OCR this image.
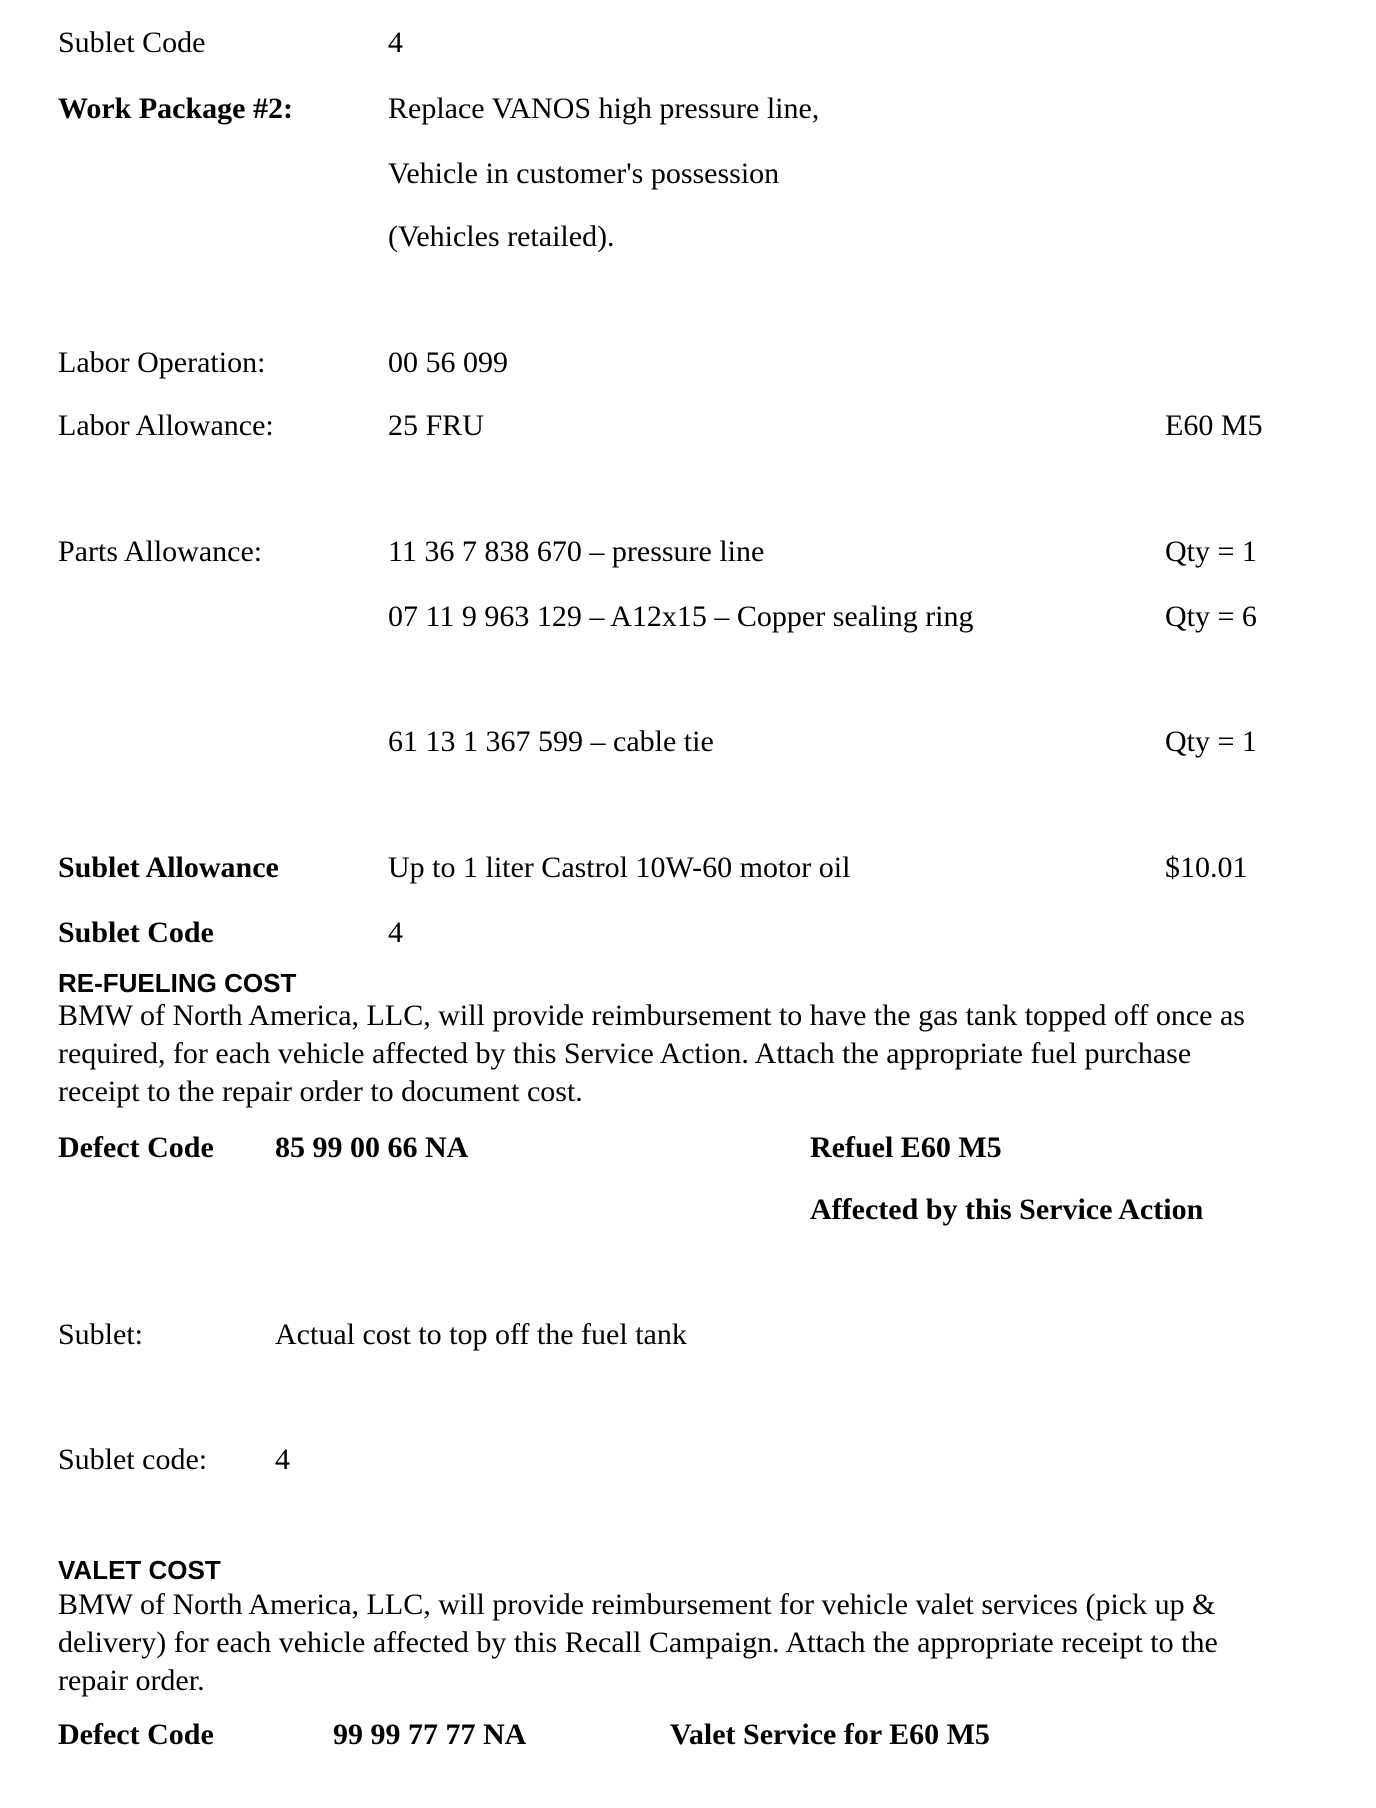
Sublet Code	4
Work Package #2:	Replace VANOS high pressure line,
Vehicle in customer's possession
(Vehicles retailed).
Labor Operation:	00 56 099
Labor Allowance:	25 FRU	E60 M5
Parts Allowance:	11 36 7 838 670 – pressure line	Qty = 1
07 11 9 963 129 – A12x15 – Copper sealing ring	Qty = 6
61 13 1 367 599 – cable tie	Qty = 1
Sublet Allowance	Up to 1 liter Castrol 10W-60 motor oil	$10.01
Sublet Code	4
RE-FUELING COST
BMW of North America, LLC, will provide reimbursement to have the gas tank topped off once as required, for each vehicle affected by this Service Action. Attach the appropriate fuel purchase receipt to the repair order to document cost.
Defect Code 85 99 00 66 NA	Refuel E60 M5
Affected by this Service Action
Sublet:	Actual cost to top off the fuel tank
Sublet code: 4
VALET COST
BMW of North America, LLC, will provide reimbursement for vehicle valet services (pick up & delivery) for each vehicle affected by this Recall Campaign. Attach the appropriate receipt to the repair order.
Defect Code	99 99 77 77 NA	Valet Service for E60 M5
